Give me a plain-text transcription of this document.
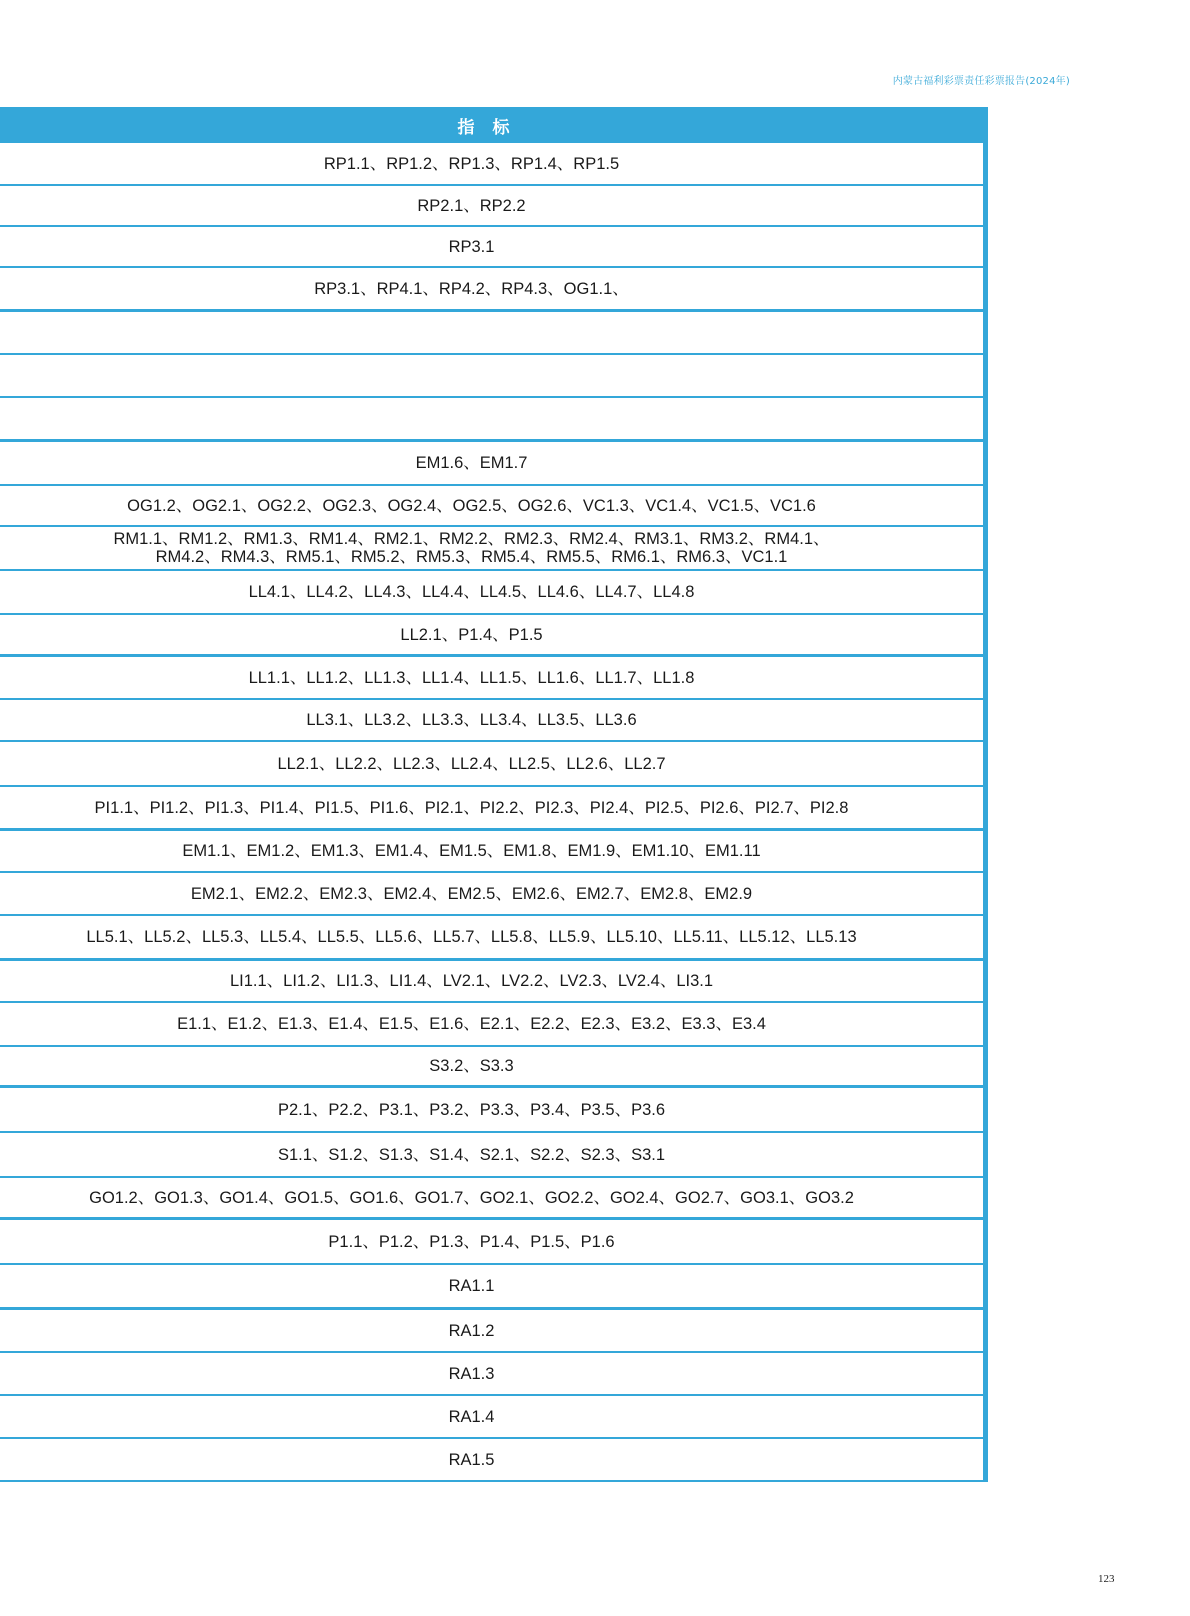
内蒙古福利彩票责任彩票报告(2024年)
指 标
RP1.1、RP1.2、RP1.3、RP1.4、RP1.5
RP2.1、RP2.2
RP3.1
RP3.1、RP4.1、RP4.2、RP4.3、OG1.1、
EM1.6、EM1.7
OG1.2、OG2.1、OG2.2、OG2.3、OG2.4、OG2.5、OG2.6、VC1.3、VC1.4、VC1.5、VC1.6
RM1.1、RM1.2、RM1.3、RM1.4、RM2.1、RM2.2、RM2.3、RM2.4、RM3.1、RM3.2、RM4.1、
RM4.2、RM4.3、RM5.1、RM5.2、RM5.3、RM5.4、RM5.5、RM6.1、RM6.3、VC1.1
LL4.1、LL4.2、LL4.3、LL4.4、LL4.5、LL4.6、LL4.7、LL4.8
LL2.1、P1.4、P1.5
LL1.1、LL1.2、LL1.3、LL1.4、LL1.5、LL1.6、LL1.7、LL1.8
LL3.1、LL3.2、LL3.3、LL3.4、LL3.5、LL3.6
LL2.1、LL2.2、LL2.3、LL2.4、LL2.5、LL2.6、LL2.7
PI1.1、PI1.2、PI1.3、PI1.4、PI1.5、PI1.6、PI2.1、PI2.2、PI2.3、PI2.4、PI2.5、PI2.6、PI2.7、PI2.8
EM1.1、EM1.2、EM1.3、EM1.4、EM1.5、EM1.8、EM1.9、EM1.10、EM1.11
EM2.1、EM2.2、EM2.3、EM2.4、EM2.5、EM2.6、EM2.7、EM2.8、EM2.9
LL5.1、LL5.2、LL5.3、LL5.4、LL5.5、LL5.6、LL5.7、LL5.8、LL5.9、LL5.10、LL5.11、LL5.12、LL5.13
LI1.1、LI1.2、LI1.3、LI1.4、LV2.1、LV2.2、LV2.3、LV2.4、LI3.1
E1.1、E1.2、E1.3、E1.4、E1.5、E1.6、E2.1、E2.2、E2.3、E3.2、E3.3、E3.4
S3.2、S3.3
P2.1、P2.2、P3.1、P3.2、P3.3、P3.4、P3.5、P3.6
S1.1、S1.2、S1.3、S1.4、S2.1、S2.2、S2.3、S3.1
GO1.2、GO1.3、GO1.4、GO1.5、GO1.6、GO1.7、GO2.1、GO2.2、GO2.4、GO2.7、GO3.1、GO3.2
P1.1、P1.2、P1.3、P1.4、P1.5、P1.6
RA1.1
RA1.2
RA1.3
RA1.4
RA1.5
123
